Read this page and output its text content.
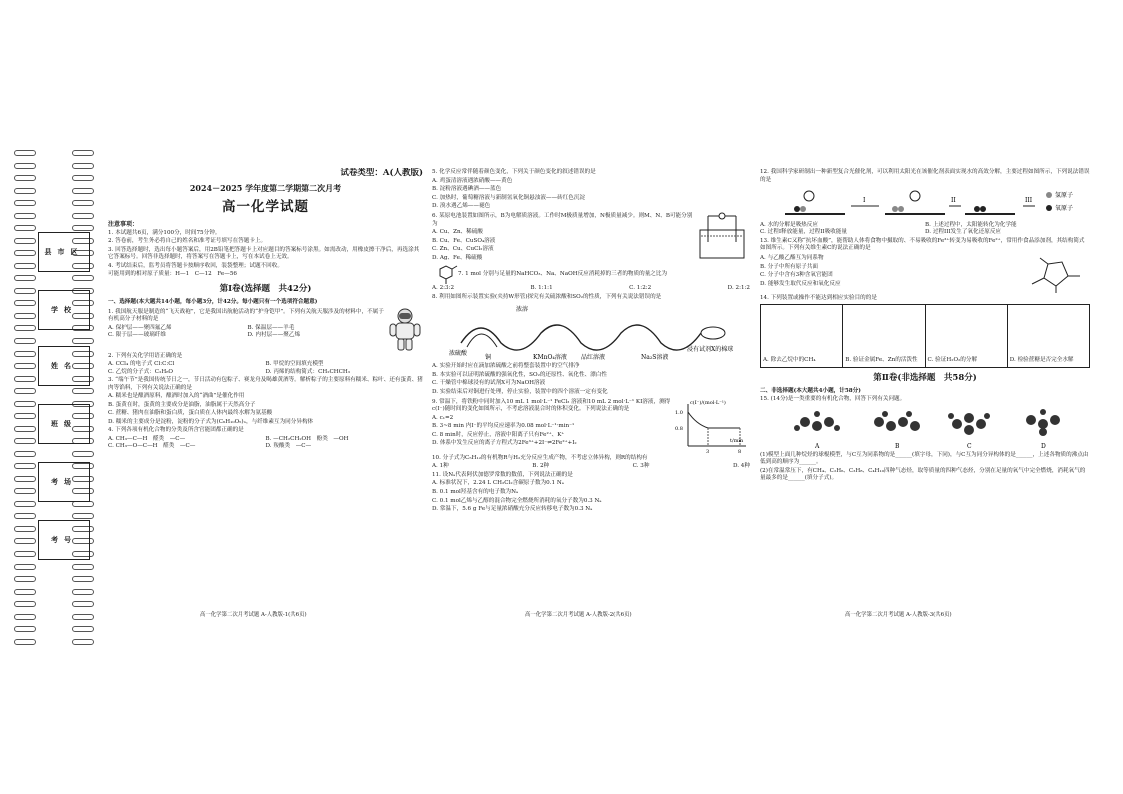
县市区
学校
姓名
班级
考场
考号
试卷类型：A(人教版)
2024－2025 学年度第二学期第二次月考
高一化学试题

注意事项：

1. 本试题共6页，满分100分，时间75分钟。

2. 答卷前，考生务必将自己的姓名和准考证号填写在答题卡上。

3. 回答选择题时，选出每小题答案后，用2B铅笔把答题卡上对应题目的答案标号涂黑。如需改动，用橡皮擦干净后，再选涂其它答案标号。回答非选择题时，将答案写在答题卡上，写在本试卷上无效。

4. 考试结束后，监考员将答题卡按顺序收回，装袋整理；试题不回收。

可能用到的相对原子质量：H—1　C—12　Fe—56

第Ⅰ卷(选择题　共42分)

一、选择题(本大题共14小题，每小题3分，计42分。每小题只有一个选项符合题意)

1. 我国航天服是制造的“飞天战袍”，它是我国出航舱活动的“护身铠甲”。下列有关航天服涉及的材料中，不属于有机高分子材料的是

A. 保护层——聚四氟乙烯	B. 保温层——羊毛
C. 限于层——玻璃纤维	D. 内衬层——聚乙烯

2. 下列有关化学用语正确的是

A. CCl₄ 的电子式 Cl:C:Cl	B. 甲烷的空间填充模型
C. 乙烷的分子式：C₂H₆O	D. 丙烯的结构简式：CH₂CHCH₃

3. “端午节”是我国传统节日之一，节日活动有包粽子、赛龙舟及喝雄黄酒等。解析粽子的主要原料有糯米、粽叶、还有蛋黄、猪肉等馅料，下列有关说法正确的是

A. 糯米也是酿酒原料，酿酒时加入的“酒曲”是催化作用

B. 蛋黄在时，蛋黄的主要成分是油脂，油脂属于天然高分子

C. 蔗糖、猪肉在油脂和蛋白质，蛋白质在人体内最终水解为氨基酸

D. 糯米的主要成分是淀粉，淀粉的分子式为(C₆H₁₀O₅)ₙ，与纤维素互为同分异构体

4. 下列各项有机化合物的分类及所含官能团都正确的是

A. CH₃—C—H　醛类　—C—	B. —CH₂CH₂OH　酚类　—OH
C. CH₃—O—C—H　醛类　—C—	D. 羧酸类　—C—
高一化学第二次月考试题 A-人教版-1(共6页)

5. 化学反应常伴随着颜色变化，下列关于颜色变化的叙述错误的是

A. 鸡蛋清溶液遇浓硝酸——黄色

B. 淀粉溶液遇碘酒——蓝色

C. 加热时，葡萄糖溶液与新制氢氧化铜悬浊液——砖红色沉淀

D. 溴水遇乙烯——褪色

6. 某原电池装置如图所示，B为电解质溶液。工作时M极质量增加，N极质量减少。则M、N、B可能分别为

A. Cu、Zn、稀硫酸

B. Cu、Fe、CuSO₄溶液

C. Zn、Cu、CuCl₂溶液

D. Ag、Fe、稀硫酸

7. 1 mol 分别与足量的NaHCO₃、Na、NaOH反应消耗掉的三者的物质的量之比为

A. 2:3:2	B. 1:1:1	C. 1:2:2	D. 2:1:2

8. 利用如图所示装置实验(夹持W形管)探究有关硫浓酸和SO₂的性质，下列有关说法错误的是

浓硫酸
浓溶
铜	KMnO₄溶液 品红溶液	Na₂S溶液
浸有试剂X的棉球

A. 实验开始时应在滴加浓硫酸之前将整套装置中的空气排净

B. 本实验可以证明浓硫酸的强氧化性，SO₂的还原性、氧化性、漂白性

C. 干燥管中棉球浸有的试剂X可为NaOH溶液

D. 实验结束后对铜进行处理，停止实验，装置中的四个溶液一定有变化

9. 常温下，将铁粉中同时加入10 mL 1 mol·L⁻¹ FeCl₃ 溶液和10 mL 2 mol·L⁻¹ KI溶液，测得c(I⁻)随时间的变化如图所示，不考虑溶液混合时的体积变化。下列说法正确的是

A. c₁=2

B. 3~8 min 内I⁻的平均反应速率为0.08 mol·L⁻¹·min⁻¹

C. 8 min时，反应停止，溶液中阳离子只有Fe²⁺、K⁺

D. 体系中发生反应的离子方程式为2Fe³⁺+2I⁻⇌2Fe²⁺+I₂

c(I⁻)/(mol·L⁻¹)
1.0
0.8
3	8
t/min

10. 分子式为C₅H₁₂的有机物R与H₂充分反应生成产物，不考虑立体异构，则R的结构有

A. 1种	B. 2种	C. 3种	D. 4种

11. 设Nₐ代表阿伏加德罗常数的数值，下列说法正确的是

A. 标准状况下，2.24 L CH₂Cl₂含碳原子数为0.1 Nₐ

B. 0.1 mol羟基含有的电子数为Nₐ

C. 0.1 mol乙烯与乙醇的混合物完全燃烧所消耗的氧分子数为0.3 Nₐ

D. 常温下，5.6 g Fe与足量浓硝酸充分反应转移电子数为0.3 Nₐ

高一化学第二次月考试题 A-人教版-2(共6页)

12. 我国科学家研制出一种新型复合光催化剂，可以利用太阳光在该催化剂表面实现水的高效分解，主要过程如图所示，下列说法错误的是

I	II	III
氢原子
氧原子
A. 水的分解是吸热反应	B. 上述过程中，太阳能转化为化学能
C. 过程I释放能量，过程II吸收能量	D. 过程III发生了氧化还原反应

13. 维生素C又称“抗坏血酸”，能帮助人体将食物中摄取的、不易吸收的Fe³⁺转变为易吸收的Fe²⁺，常用作食品添加剂，其结构简式如图所示。下列有关维生素C的说法正确的是

A. 与乙酸乙酯互为同系物

B. 分子中所有原子共面

C. 分子中含有3种含氧官能团

D. 能够发生取代反应和氧化反应

14. 下列装置或操作不能达到相应实验目的的是

A. 除去乙烷中的CH₄	B. 验证金属Fe、Zn的活泼性	C. 验证H₂O₂的分解	D. 检验蔗糖是否完全水解
第Ⅱ卷(非选择题　共58分)

二、非选择题(本大题共4小题，计58分)

15. (14分)是一类重要的有机化合物，回答下列有关问题。

A	B	C	D

(1)模型上面几种烷烃的球棍模型，与C互为同系物的是______(填字母，下同)，与C互为同分异构体的是______，上述各物质的沸点由低到高的顺序为______。

(2)在常温常压下，有CH₄、C₂H₆、C₃H₈、C₄H₁₀四种气态烃，取等质量的四种气态烃，分别在足量的氧气中完全燃烧，消耗氧气的量最多的是______(填分子式)。

高一化学第二次月考试题 A-人教版-3(共6页)
